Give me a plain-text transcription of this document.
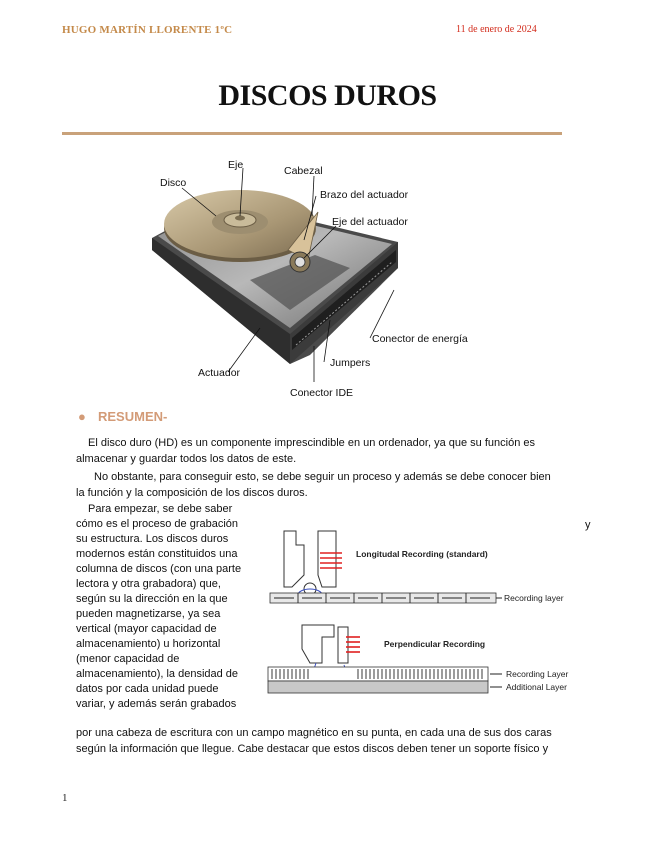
HUGO MARTÍN LLORENTE 1ºC	11 de enero de 2024
DISCOS DUROS
Eje	Cabezal
Disco
Brazo del actuador
Eje del actuador
Conector de energía
Jumpers
Actuador
Conector IDE
● RESUMEN-
El disco duro (HD) es un componente imprescindible en un ordenador, ya que su función es
almacenar y guardar todos los datos de este.
No obstante, para conseguir esto, se debe seguir un proceso y además se debe conocer bien
la función y la composición de los discos duros.
Para empezar, se debe saber
cómo es el proceso de grabación
su estructura. Los discos duros
modernos están constituidos una
columna de discos (con una parte
lectora y otra grabadora) que,
según su la dirección en la que
pueden magnetizarse, ya sea
vertical (mayor capacidad de
almacenamiento) u horizontal
(menor capacidad de
almacenamiento), la densidad de
datos por cada unidad puede
variar, y además serán grabados
y
Longitudal Recording (standard)
Recording layer
Perpendicular Recording
Recording Layer
Additional Layer
por una cabeza de escritura con un campo magnético en su punta, en cada una de sus dos caras
según la información que llegue. Cabe destacar que estos discos deben tener un soporte físico y
1
